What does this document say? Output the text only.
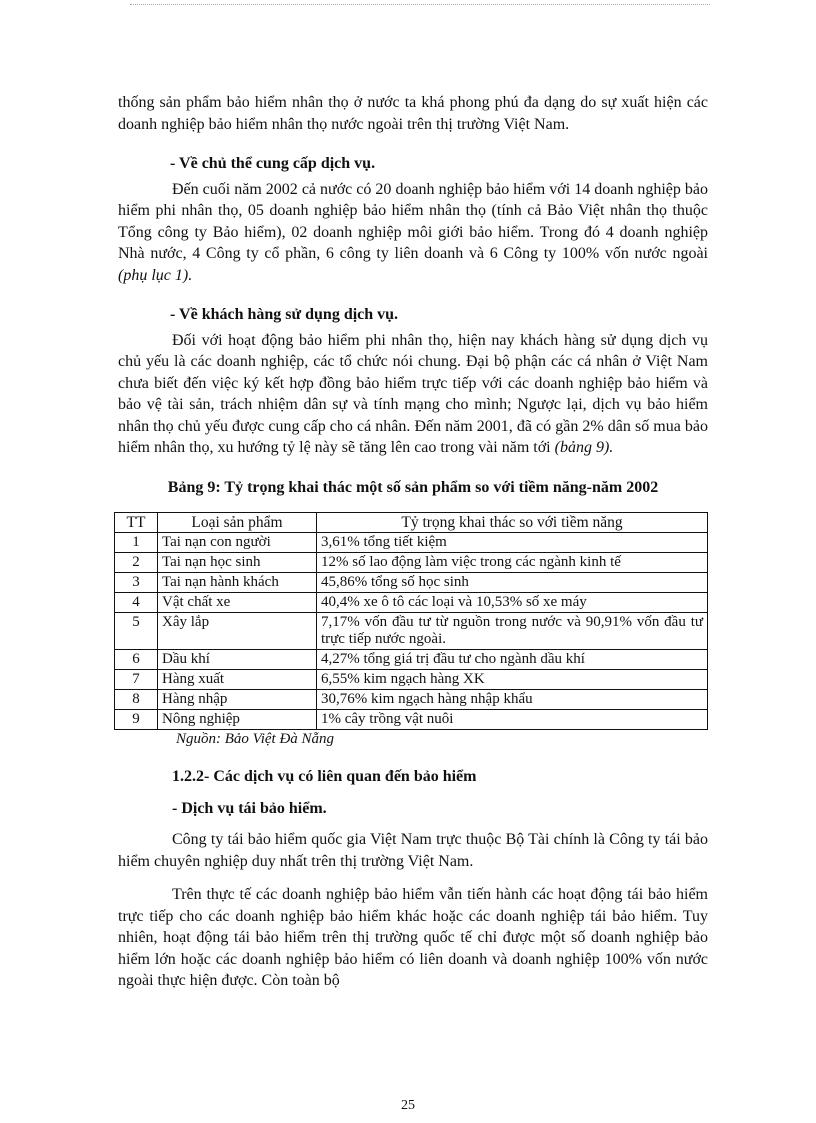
thống sản phẩm bảo hiểm nhân thọ ở nước ta khá phong phú đa dạng do sự xuất hiện các doanh nghiệp bảo hiểm nhân thọ nước ngoài trên thị trường Việt Nam.

- Về chủ thể cung cấp dịch vụ.

Đến cuối năm 2002 cả nước có 20 doanh nghiệp bảo hiểm với 14 doanh nghiệp bảo hiểm phi nhân thọ, 05 doanh nghiệp bảo hiểm nhân thọ (tính cả Bảo Việt nhân thọ thuộc Tổng công ty Bảo hiểm), 02 doanh nghiệp môi giới bảo hiểm. Trong đó 4 doanh nghiệp Nhà nước, 4 Công ty cổ phần, 6 công ty liên doanh và 6 Công ty 100% vốn nước ngoài (phụ lục 1).

- Về khách hàng sử dụng dịch vụ.

Đối với hoạt động bảo hiểm phi nhân thọ, hiện nay khách hàng sử dụng dịch vụ chủ yếu là các doanh nghiệp, các tổ chức nói chung. Đại bộ phận các cá nhân ở Việt Nam chưa biết đến việc ký kết hợp đồng bảo hiểm trực tiếp với các doanh nghiệp bảo hiểm và bảo vệ tài sản, trách nhiệm dân sự và tính mạng cho mình; Ngược lại, dịch vụ bảo hiểm nhân thọ chủ yếu được cung cấp cho cá nhân. Đến năm 2001, đã có gần 2% dân số mua bảo hiểm nhân thọ, xu hướng tỷ lệ này sẽ tăng lên cao trong vài năm tới (bảng 9).

Bảng 9: Tỷ trọng khai thác một số sản phẩm so với tiềm năng-năm 2002

TT	Loại sản phẩm	Tỷ trọng khai thác so với tiềm năng
1	Tai nạn con người	3,61% tổng tiết kiệm
2	Tai nạn học sinh	12% số lao động làm việc trong các ngành kinh tế
3	Tai nạn hành khách	45,86% tổng số học sinh
4	Vật chất xe	40,4% xe ô tô các loại và 10,53% số xe máy
5	Xây lắp	7,17% vốn đầu tư từ nguồn trong nước và 90,91% vốn đầu tư trực tiếp nước ngoài.
6	Dầu khí	4,27% tổng giá trị đầu tư cho ngành dầu khí
7	Hàng xuất	6,55% kim ngạch hàng XK
8	Hàng nhập	30,76% kim ngạch hàng nhập khẩu
9	Nông nghiệp	1% cây trồng vật nuôi

Nguồn: Bảo Việt Đà Nẵng

1.2.2- Các dịch vụ có liên quan đến bảo hiểm

- Dịch vụ tái bảo hiểm.

Công ty tái bảo hiểm quốc gia Việt Nam trực thuộc Bộ Tài chính là Công ty tái bảo hiểm chuyên nghiệp duy nhất trên thị trường Việt Nam.

Trên thực tế các doanh nghiệp bảo hiểm vẫn tiến hành các hoạt động tái bảo hiểm trực tiếp cho các doanh nghiệp bảo hiểm khác hoặc các doanh nghiệp tái bảo hiểm. Tuy nhiên, hoạt động tái bảo hiểm trên thị trường quốc tế chỉ được một số doanh nghiệp bảo hiểm lớn hoặc các doanh nghiệp bảo hiểm có liên doanh và doanh nghiệp 100% vốn nước ngoài thực hiện được. Còn toàn bộ

25
